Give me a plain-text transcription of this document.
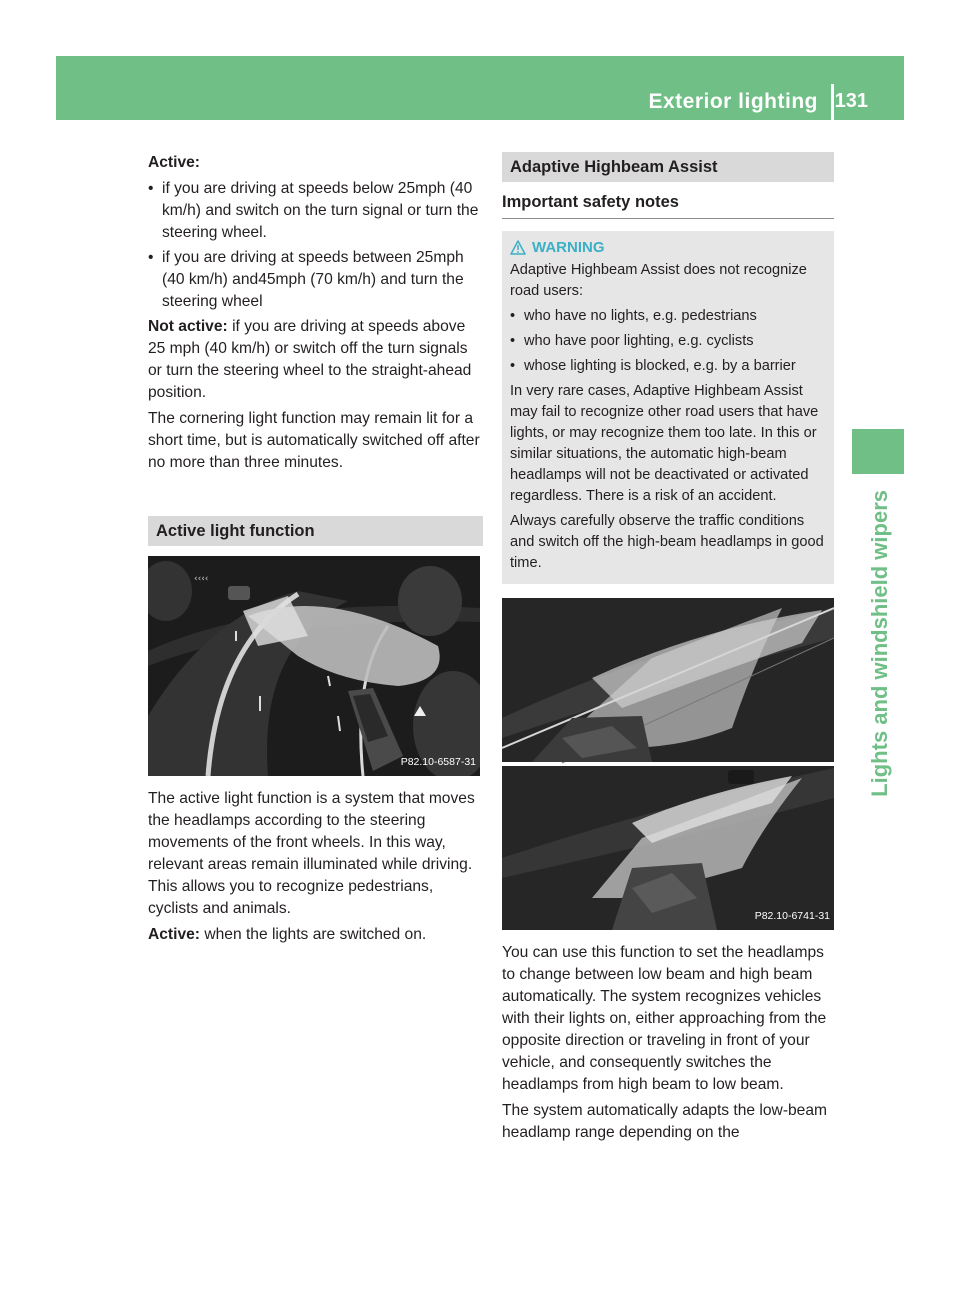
Exterior lighting 131
Lights and windshield wipers
Active:
• if you are driving at speeds below 25mph (40 km/h) and switch on the turn signal or turn the steering wheel.
• if you are driving at speeds between 25mph (40 km/h) and45mph (70 km/h) and turn the steering wheel
Not active: if you are driving at speeds above 25 mph (40 km/h) or switch off the turn signals or turn the steering wheel to the straight-ahead position.
The cornering light function may remain lit for a short time, but is automatically switched off after no more than three minutes.
Active light function
‹‹‹‹
P82.10-6587-31
The active light function is a system that moves the headlamps according to the steering movements of the front wheels. In this way, relevant areas remain illuminated while driving. This allows you to recognize pedestrians, cyclists and animals.
Active: when the lights are switched on.
Adaptive Highbeam Assist
Important safety notes
WARNING
Adaptive Highbeam Assist does not recognize road users:
• who have no lights, e.g. pedestrians
• who have poor lighting, e.g. cyclists
• whose lighting is blocked, e.g. by a barrier
In very rare cases, Adaptive Highbeam Assist may fail to recognize other road users that have lights, or may recognize them too late. In this or similar situations, the automatic high-beam headlamps will not be deactivated or activated regardless. There is a risk of an accident.
Always carefully observe the traffic conditions and switch off the high-beam headlamps in good time.
P82.10-6741-31
You can use this function to set the headlamps to change between low beam and high beam automatically. The system recognizes vehicles with their lights on, either approaching from the opposite direction or traveling in front of your vehicle, and consequently switches the headlamps from high beam to low beam.
The system automatically adapts the low-beam headlamp range depending on the
